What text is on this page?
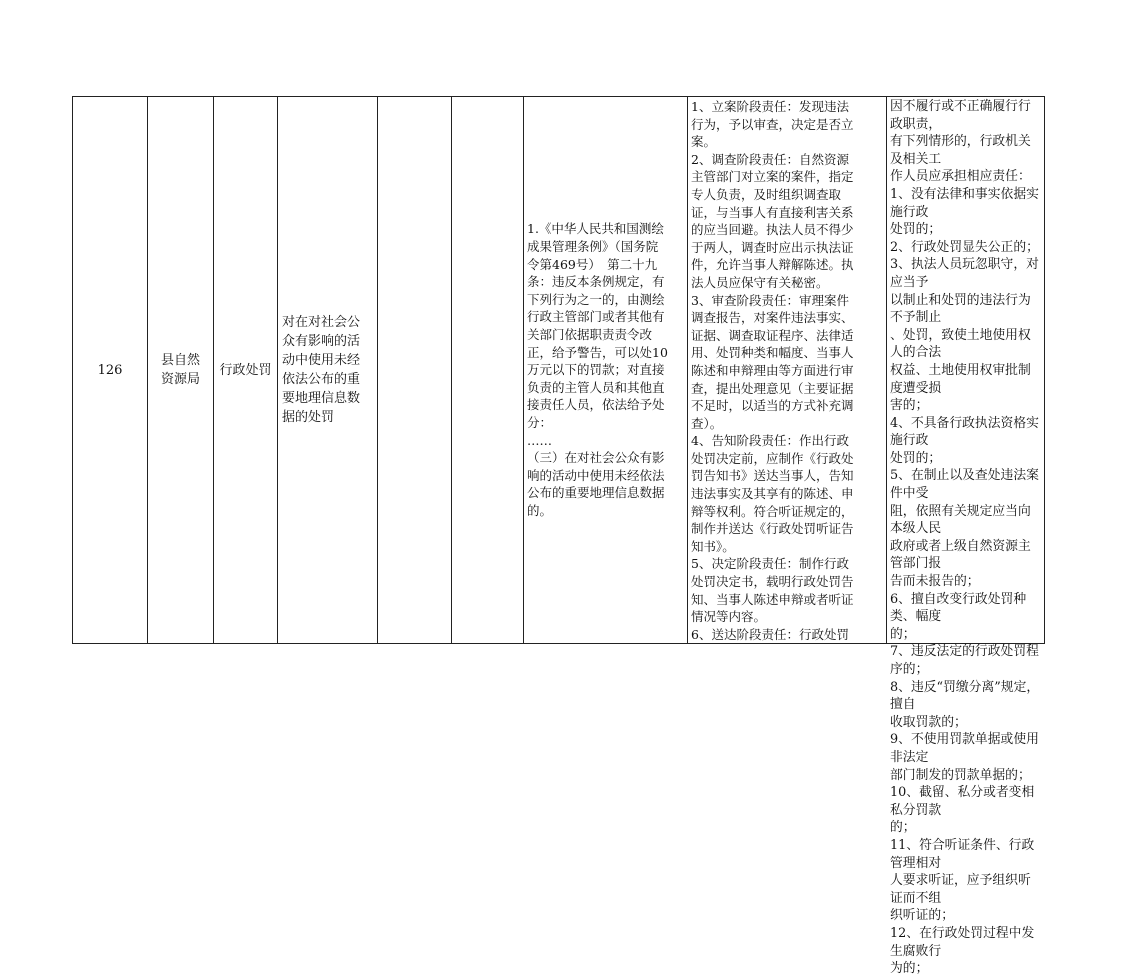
126
县自然
资源局
行政处罚
对在对社会公
众有影响的活
动中使用未经
依法公布的重
要地理信息数
据的处罚
1.《中华人民共和国测绘
成果管理条例》（国务院
令第469号）　第二十九
条：违反本条例规定，有
下列行为之一的，由测绘
行政主管部门或者其他有
关部门依据职责责令改
正，给予警告，可以处10
万元以下的罚款；对直接
负责的主管人员和其他直
接责任人员，依法给予处
分：
……
（三）在对社会公众有影
响的活动中使用未经依法
公布的重要地理信息数据
的。
1、立案阶段责任：发现违法
行为，予以审查，决定是否立
案。
2、调查阶段责任：自然资源
主管部门对立案的案件，指定
专人负责，及时组织调查取
证，与当事人有直接利害关系
的应当回避。执法人员不得少
于两人，调查时应出示执法证
件，允许当事人辩解陈述。执
法人员应保守有关秘密。
3、审查阶段责任：审理案件
调查报告，对案件违法事实、
证据、调查取证程序、法律适
用、处罚种类和幅度、当事人
陈述和申辩理由等方面进行审
查，提出处理意见（主要证据
不足时，以适当的方式补充调
查）。
4、告知阶段责任：作出行政
处罚决定前，应制作《行政处
罚告知书》送达当事人，告知
违法事实及其享有的陈述、申
辩等权利。符合听证规定的，
制作并送达《行政处罚听证告
知书》。
5、决定阶段责任：制作行政
处罚决定书，载明行政处罚告
知、当事人陈述申辩或者听证
情况等内容。
6、送达阶段责任：行政处罚
因不履行或不正确履行行政职责，
有下列情形的，行政机关及相关工
作人员应承担相应责任：
1、没有法律和事实依据实施行政
处罚的；
2、行政处罚显失公正的；
3、执法人员玩忽职守，对应当予
以制止和处罚的违法行为不予制止
、处罚，致使土地使用权人的合法
权益、土地使用权审批制度遭受损
害的；
4、不具备行政执法资格实施行政
处罚的；
5、在制止以及查处违法案件中受
阻，依照有关规定应当向本级人民
政府或者上级自然资源主管部门报
告而未报告的；
6、擅自改变行政处罚种类、幅度
的；
7、违反法定的行政处罚程序的；
8、违反“罚缴分离”规定，擅自
收取罚款的；
9、不使用罚款单据或使用非法定
部门制发的罚款单据的；
10、截留、私分或者变相私分罚款
的；
11、符合听证条件、行政管理相对
人要求听证，应予组织听证而不组
织听证的；
12、在行政处罚过程中发生腐败行
为的；
